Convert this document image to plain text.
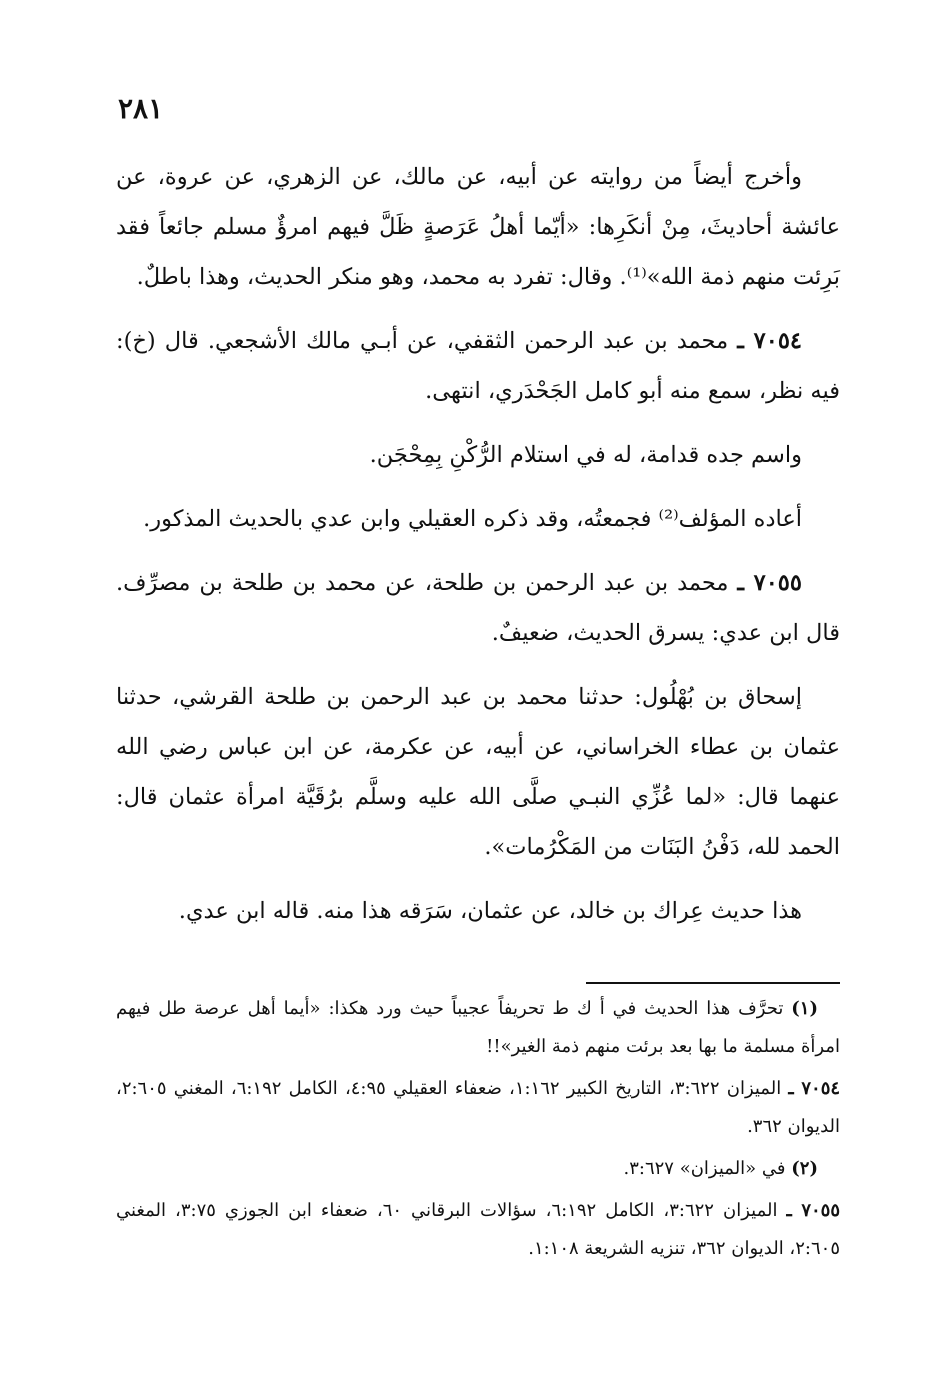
٢٨١

وأخرج أيضاً من روايته عن أبيه، عن مالك، عن الزهري، عن عروة، عن عائشة أحاديثَ، مِنْ أنكَرِها: «أيّما أهلُ عَرَصةٍ ظَلَّ فيهم امرؤٌ مسلم جائعاً فقد بَرِئت منهم ذمة الله»⁽¹⁾. وقال: تفرد به محمد، وهو منكر الحديث، وهذا باطلٌ.

٧٠٥٤ ـ محمد بن عبد الرحمن الثقفي، عن أبـي مالك الأشجعي. قال (خ): فيه نظر، سمع منه أبو كامل الجَحْدَري، انتهى.

واسم جده قدامة، له في استلام الرُّكْنِ بِمِحْجَن.

أعاده المؤلف⁽²⁾ فجمعتُه، وقد ذكره العقيلي وابن عدي بالحديث المذكور.

٧٠٥٥ ـ محمد بن عبد الرحمن بن طلحة، عن محمد بن طلحة بن مصرِّف. قال ابن عدي: يسرق الحديث، ضعيفٌ.

إسحاق بن بُهْلُول: حدثنا محمد بن عبد الرحمن بن طلحة القرشي، حدثنا عثمان بن عطاء الخراساني، عن أبيه، عن عكرمة، عن ابن عباس رضي الله عنهما قال: «لما عُزِّي النبـي صلَّى الله عليه وسلَّم برُقَيَّة امرأة عثمان قال: الحمد لله، دَفْنُ البَنَات من المَكْرُمات».

هذا حديث عِراك بن خالد، عن عثمان، سَرَقه هذا منه. قاله ابن عدي.

(١) تحرَّف هذا الحديث في أ ك ط تحريفاً عجيباً حيث ورد هكذا: «أيما أهل عرصة طل فيهم امرأة مسلمة ما بها بعد برئت منهم ذمة الغير»!!

٧٠٥٤ ـ الميزان ٣:٦٢٢، التاريخ الكبير ١:١٦٢، ضعفاء العقيلي ٤:٩٥، الكامل ٦:١٩٢، المغني ٢:٦٠٥، الديوان ٣٦٢.

(٢) في «الميزان» ٣:٦٢٧.

٧٠٥٥ ـ الميزان ٣:٦٢٢، الكامل ٦:١٩٢، سؤالات البرقاني ٦٠، ضعفاء ابن الجوزي ٣:٧٥، المغني ٢:٦٠٥، الديوان ٣٦٢، تنزيه الشريعة ١:١٠٨.
